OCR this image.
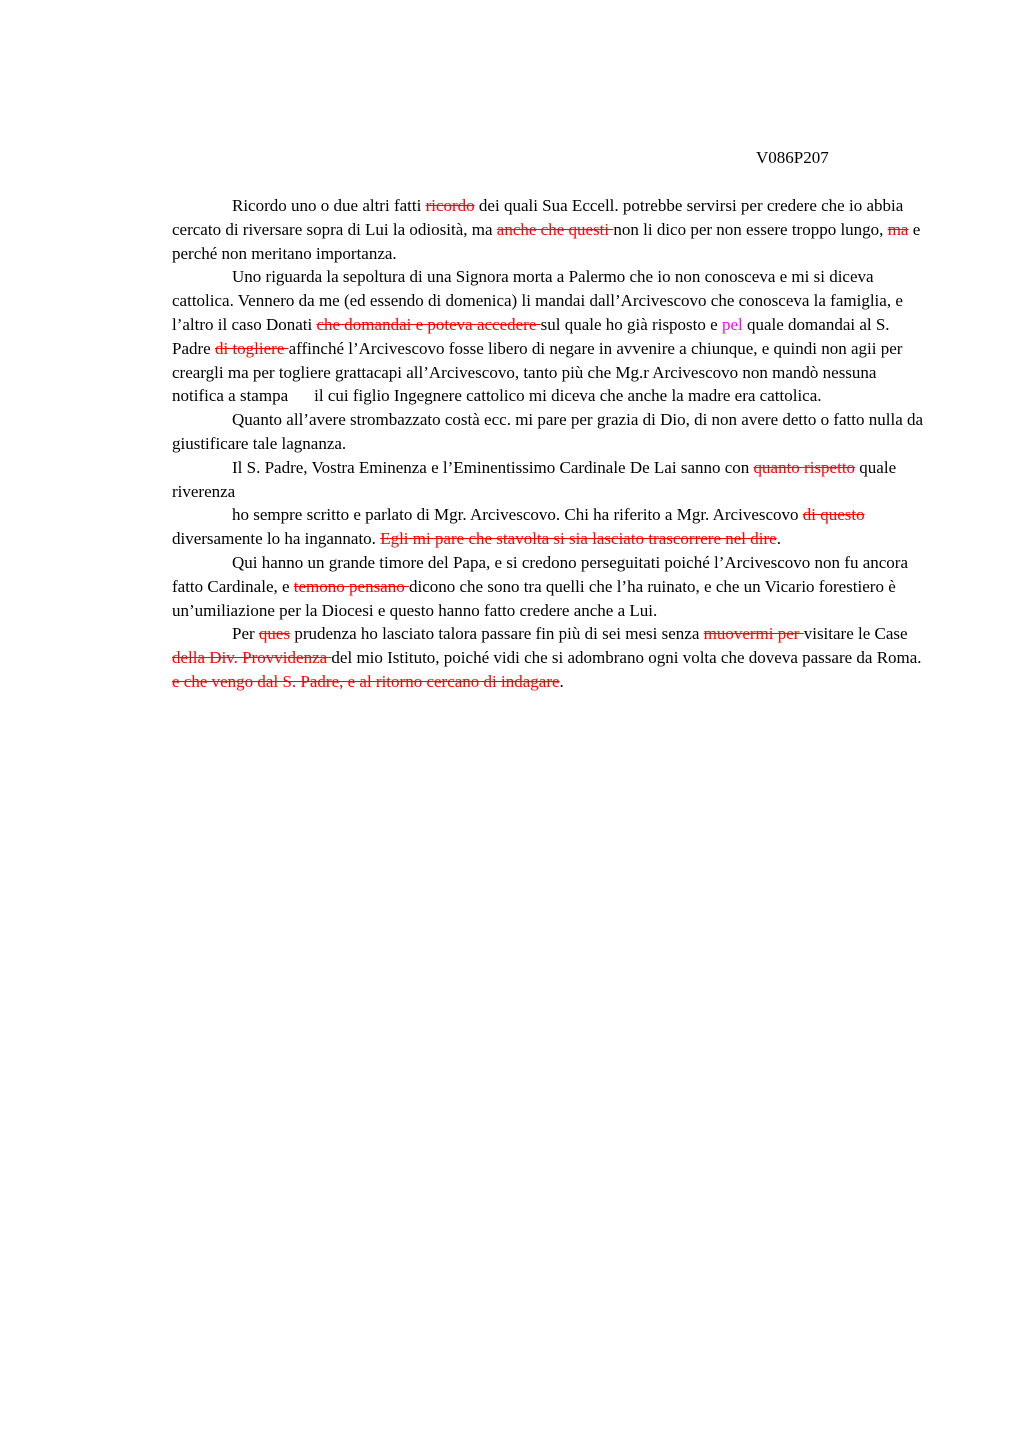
V086P207

Ricordo uno o due altri fatti ricordo dei quali Sua Eccell. potrebbe servirsi per credere che io abbia cercato di riversare sopra di Lui la odiosità, ma anche che questi non li dico per non essere troppo lungo, ma e perché non meritano importanza.

Uno riguarda la sepoltura di una Signora morta a Palermo che io non conosceva e mi si diceva cattolica. Vennero da me (ed essendo di domenica) li mandai dall’Arcivescovo che conosceva la famiglia, e l’altro il caso Donati che domandai e poteva accedere sul quale ho già risposto e pel quale domandai al S. Padre di togliere affinché l’Arcivescovo fosse libero di negare in avvenire a chiunque, e quindi non agii per creargli ma per togliere grattacapi all’Arcivescovo, tanto più che Mg.r Arcivescovo non mandò nessuna notifica a stampa il cui figlio Ingegnere cattolico mi diceva che anche la madre era cattolica.

Quanto all’avere strombazzato costà ecc. mi pare per grazia di Dio, di non avere detto o fatto nulla da giustificare tale lagnanza.

Il S. Padre, Vostra Eminenza e l’Eminentissimo Cardinale De Lai sanno con quanto rispetto quale riverenza

ho sempre scritto e parlato di Mgr. Arcivescovo. Chi ha riferito a Mgr. Arcivescovo di questo diversamente lo ha ingannato. Egli mi pare che stavolta si sia lasciato trascorrere nel dire.

Qui hanno un grande timore del Papa, e si credono perseguitati poiché l’Arcivescovo non fu ancora fatto Cardinale, e temono pensano dicono che sono tra quelli che l’ha ruinato, e che un Vicario forestiero è un’umiliazione per la Diocesi e questo hanno fatto credere anche a Lui.

Per ques prudenza ho lasciato talora passare fin più di sei mesi senza muovermi per visitare le Case della Div. Provvidenza del mio Istituto, poiché vidi che si adombrano ogni volta che doveva passare da Roma. e che vengo dal S. Padre, e al ritorno cercano di indagare.
